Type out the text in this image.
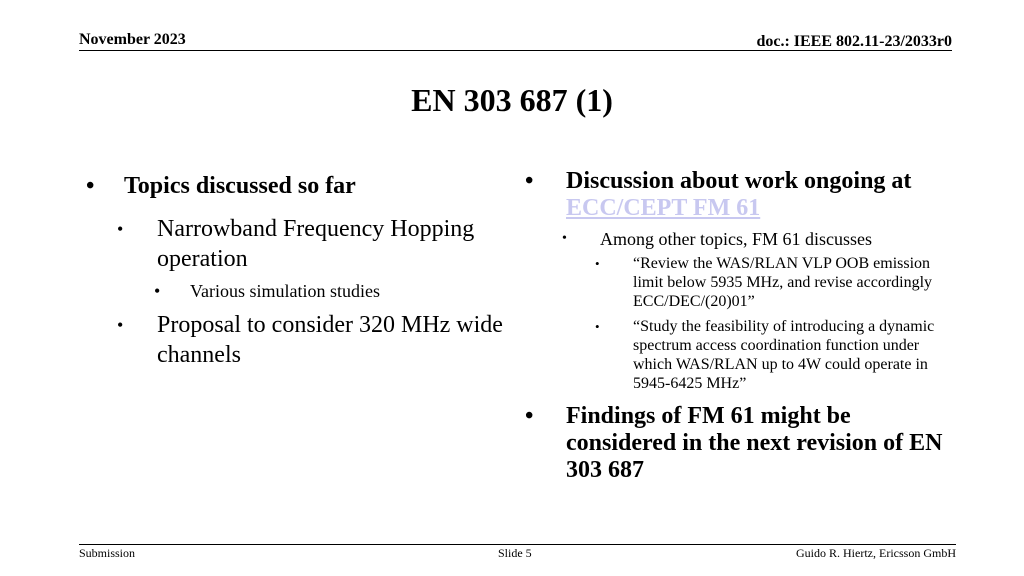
November 2023	doc.: IEEE 802.11-23/2033r0
EN 303 687 (1)
• Topics discussed so far
• Narrowband Frequency Hopping operation
• Various simulation studies
• Proposal to consider 320 MHz wide channels
• Discussion about work ongoing at ECC/CEPT FM 61
• Among other topics, FM 61 discusses
• “Review the WAS/RLAN VLP OOB emission limit below 5935 MHz, and revise accordingly ECC/DEC/(20)01”
• “Study the feasibility of introducing a dynamic spectrum access coordination function under which WAS/RLAN up to 4W could operate in 5945-6425 MHz”
• Findings of FM 61 might be considered in the next revision of EN 303 687
Submission	Slide 5	Guido R. Hiertz, Ericsson GmbH
